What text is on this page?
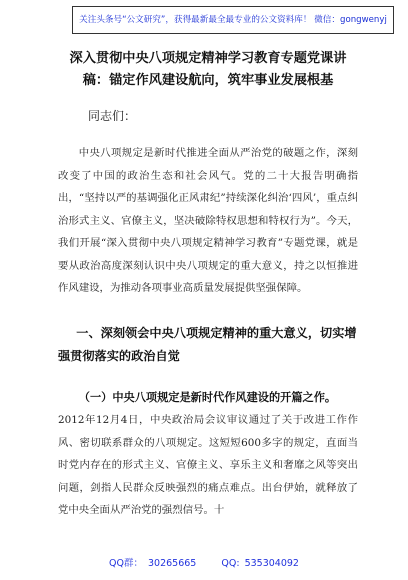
关注头条号“公文研究”，获得最新最全最专业的公文资料库！ 微信：gongwenyj
深入贯彻中央八项规定精神学习教育专题党课讲稿：锚定作风建设航向，筑牢事业发展根基
同志们：
中央八项规定是新时代推进全面从严治党的破题之作，深刻改变了中国的政治生态和社会风气。党的二十大报告明确指出，“坚持以严的基调强化正风肃纪”持续深化纠治‘四风’，重点纠治形式主义、官僚主义，坚决破除特权思想和特权行为”。今天，我们开展“深入贯彻中央八项规定精神学习教育”专题党课，就是要从政治高度深刻认识中央八项规定的重大意义，持之以恒推进作风建设，为推动各项事业高质量发展提供坚强保障。
一、深刻领会中央八项规定精神的重大意义，切实增强贯彻落实的政治自觉
（一）中央八项规定是新时代作风建设的开篇之作。
2012年12月4日，中央政治局会议审议通过了关于改进工作作风、密切联系群众的八项规定。这短短600多字的规定，直面当时党内存在的形式主义、官僚主义、享乐主义和奢靡之风等突出问题，剑指人民群众反映强烈的痛点难点。出台伊始，就释放了党中央全面从严治党的强烈信号。十
QQ群： 30265665	QQ: 535304092
